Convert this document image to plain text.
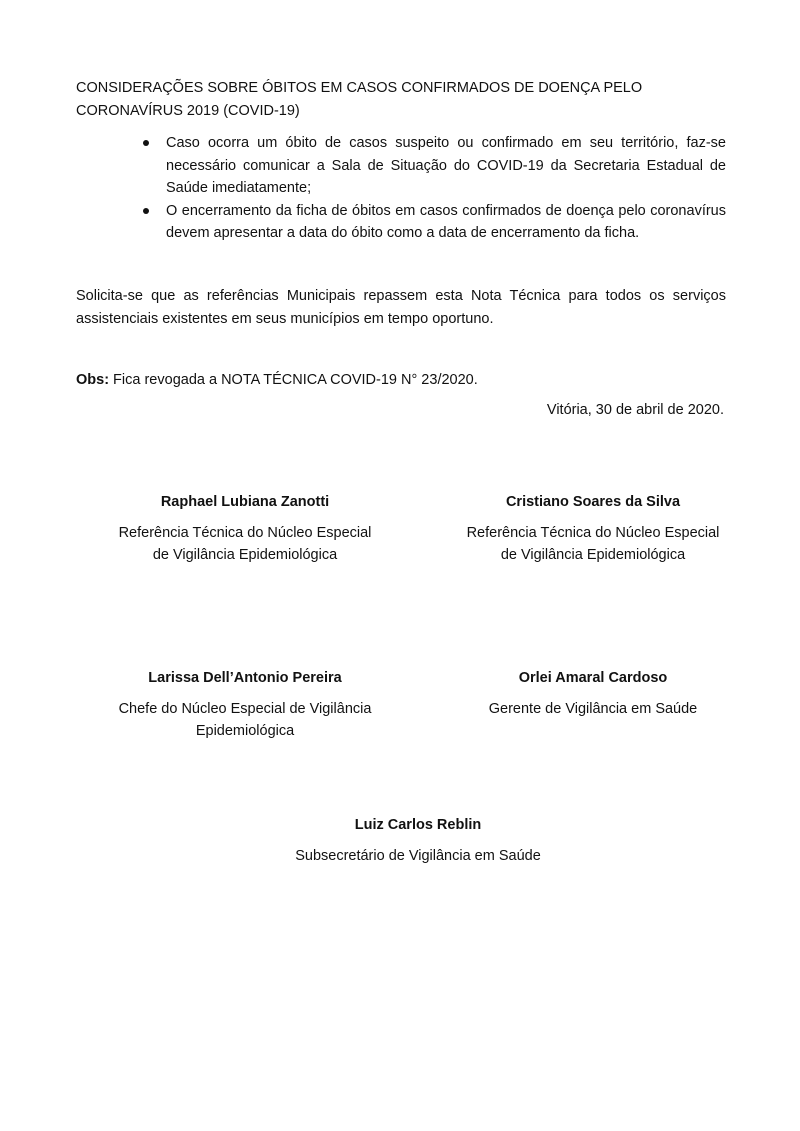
CONSIDERAÇÕES SOBRE ÓBITOS EM CASOS CONFIRMADOS DE DOENÇA PELO CORONAVÍRUS 2019 (COVID-19)
Caso ocorra um óbito de casos suspeito ou confirmado em seu território, faz-se necessário comunicar a Sala de Situação do COVID-19 da Secretaria Estadual de Saúde imediatamente;
O encerramento da ficha de óbitos em casos confirmados de doença pelo coronavírus devem apresentar a data do óbito como a data de encerramento da ficha.
Solicita-se que as referências Municipais repassem esta Nota Técnica para todos os serviços assistenciais existentes em seus municípios em tempo oportuno.
Obs: Fica revogada a NOTA TÉCNICA COVID-19 N° 23/2020.
Vitória, 30 de abril de 2020.
Raphael Lubiana Zanotti
Referência Técnica do Núcleo Especial
de Vigilância Epidemiológica
Cristiano Soares da Silva
Referência Técnica do Núcleo Especial
de Vigilância Epidemiológica
Larissa Dell’Antonio Pereira
Chefe do Núcleo Especial de Vigilância
Epidemiológica
Orlei Amaral Cardoso
Gerente de Vigilância em Saúde
Luiz Carlos Reblin
Subsecretário de Vigilância em Saúde
